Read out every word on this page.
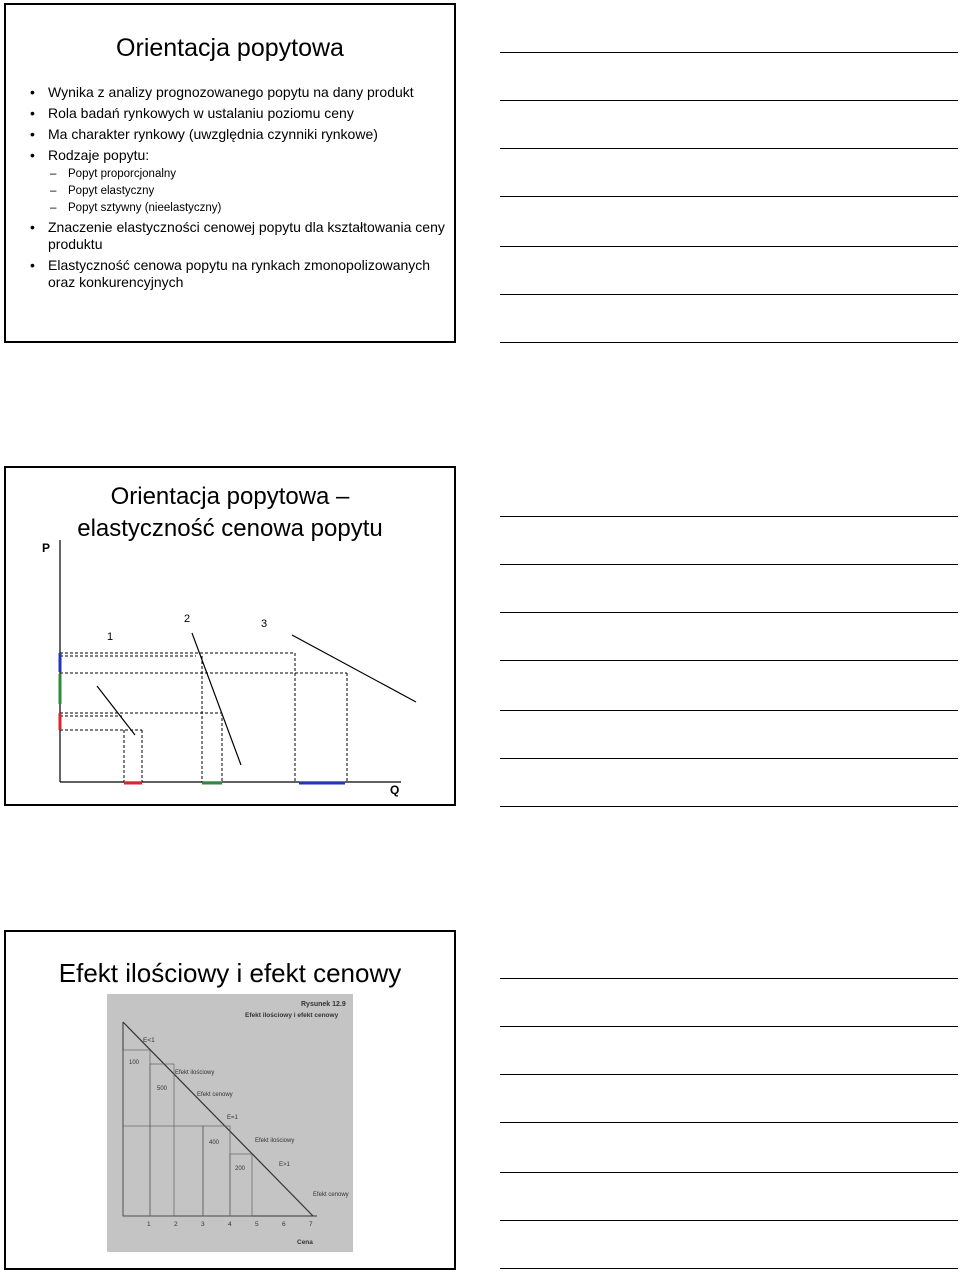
Orientacja popytowa
• Wynika z analizy prognozowanego popytu na dany produkt
• Rola badań rynkowych w ustalaniu poziomu ceny
• Ma charakter rynkowy (uwzględnia czynniki rynkowe)
• Rodzaje popytu:
– Popyt proporcjonalny
– Popyt elastyczny
– Popyt sztywny (nieelastyczny)
• Znaczenie elastyczności cenowej popytu dla kształtowania ceny produktu
• Elastyczność cenowa popytu na rynkach zmonopolizowanych oraz konkurencyjnych
Orientacja popytowa –
elastyczność cenowa popytu
P
Q
1
2	3
Efekt ilościowy i efekt cenowy
Rysunek 12.9
Efekt ilościowy i efekt cenowy
E<1
Efekt ilościowy
Efekt cenowy
E=1
Efekt ilościowy
E>1
Efekt cenowy
100
500
400
200
1	2	3	4	5	6	7
Cena
